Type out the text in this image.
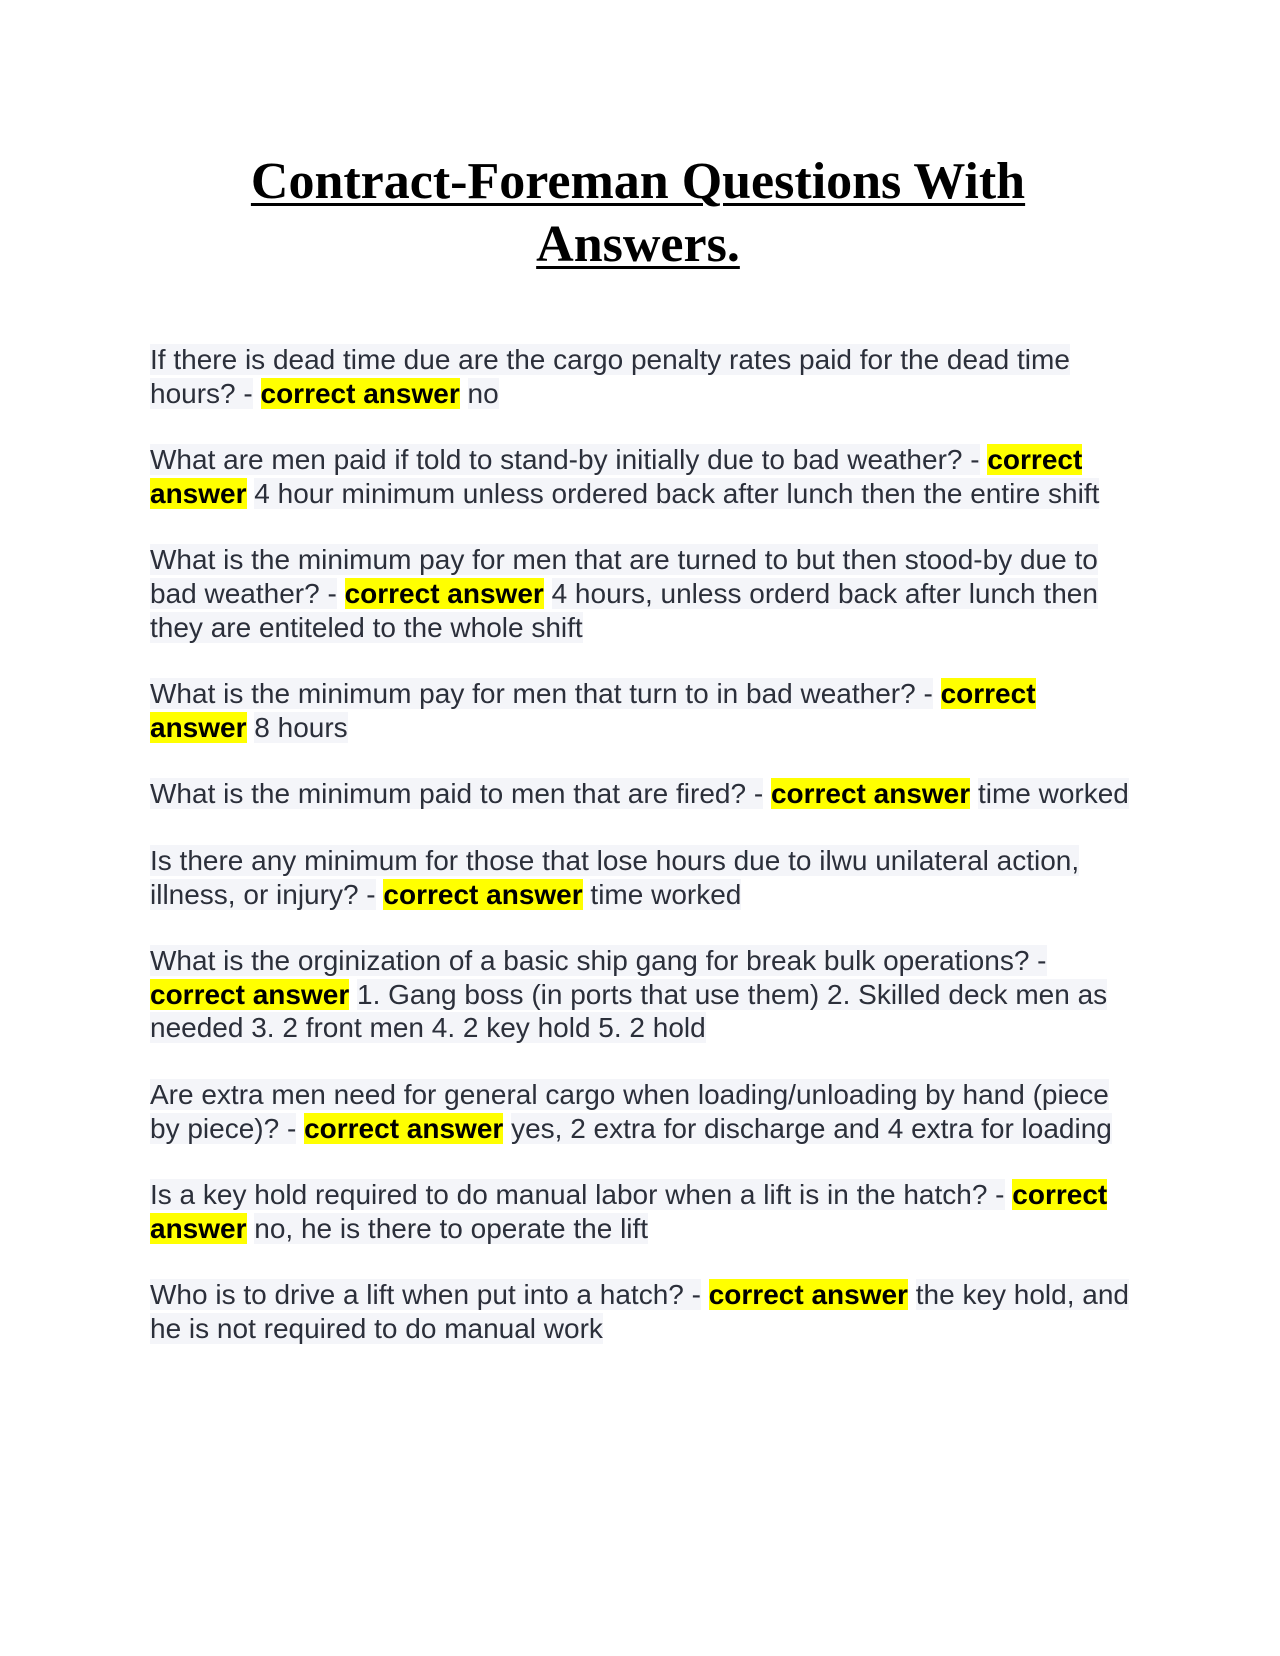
Contract-Foreman Questions With Answers.

If there is dead time due are the cargo penalty rates paid for the dead time hours? - correct answer no

What are men paid if told to stand-by initially due to bad weather? - correct answer 4 hour minimum unless ordered back after lunch then the entire shift

What is the minimum pay for men that are turned to but then stood-by due to bad weather? - correct answer 4 hours, unless orderd back after lunch then they are entiteled to the whole shift

What is the minimum pay for men that turn to in bad weather? - correct answer 8 hours

What is the minimum paid to men that are fired? - correct answer time worked

Is there any minimum for those that lose hours due to ilwu unilateral action, illness, or injury? - correct answer time worked

What is the orginization of a basic ship gang for break bulk operations? - correct answer 1. Gang boss (in ports that use them) 2. Skilled deck men as needed 3. 2 front men 4. 2 key hold 5. 2 hold

Are extra men need for general cargo when loading/unloading by hand (piece by piece)? - correct answer yes, 2 extra for discharge and 4 extra for loading

Is a key hold required to do manual labor when a lift is in the hatch? - correct answer no, he is there to operate the lift

Who is to drive a lift when put into a hatch? - correct answer the key hold, and he is not required to do manual work
